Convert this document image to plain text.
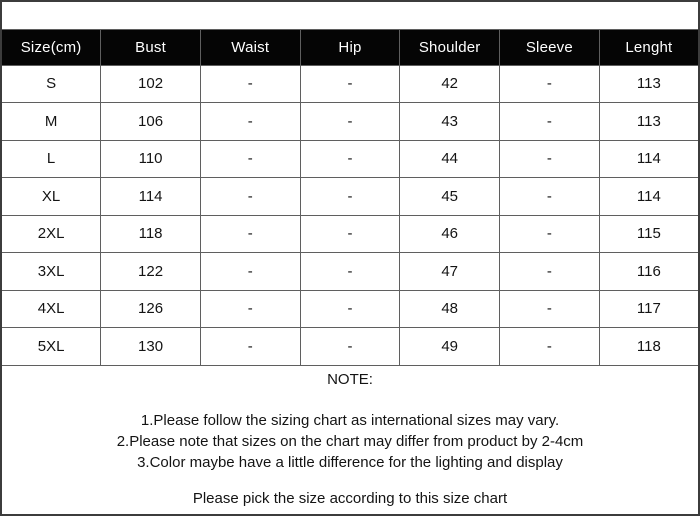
Size(cm)	Bust	Waist	Hip	Shoulder	Sleeve	Lenght
S	102	-	-	42	-	113
M	106	-	-	43	-	113
L	110	-	-	44	-	114
XL	114	-	-	45	-	114
2XL	118	-	-	46	-	115
3XL	122	-	-	47	-	116
4XL	126	-	-	48	-	117
5XL	130	-	-	49	-	118

NOTE:
1.Please follow the sizing chart as international sizes may vary.
2.Please note that sizes on the chart may differ from product by 2-4cm
3.Color maybe have a little difference for the lighting and display
Please pick the size according to this size chart						
